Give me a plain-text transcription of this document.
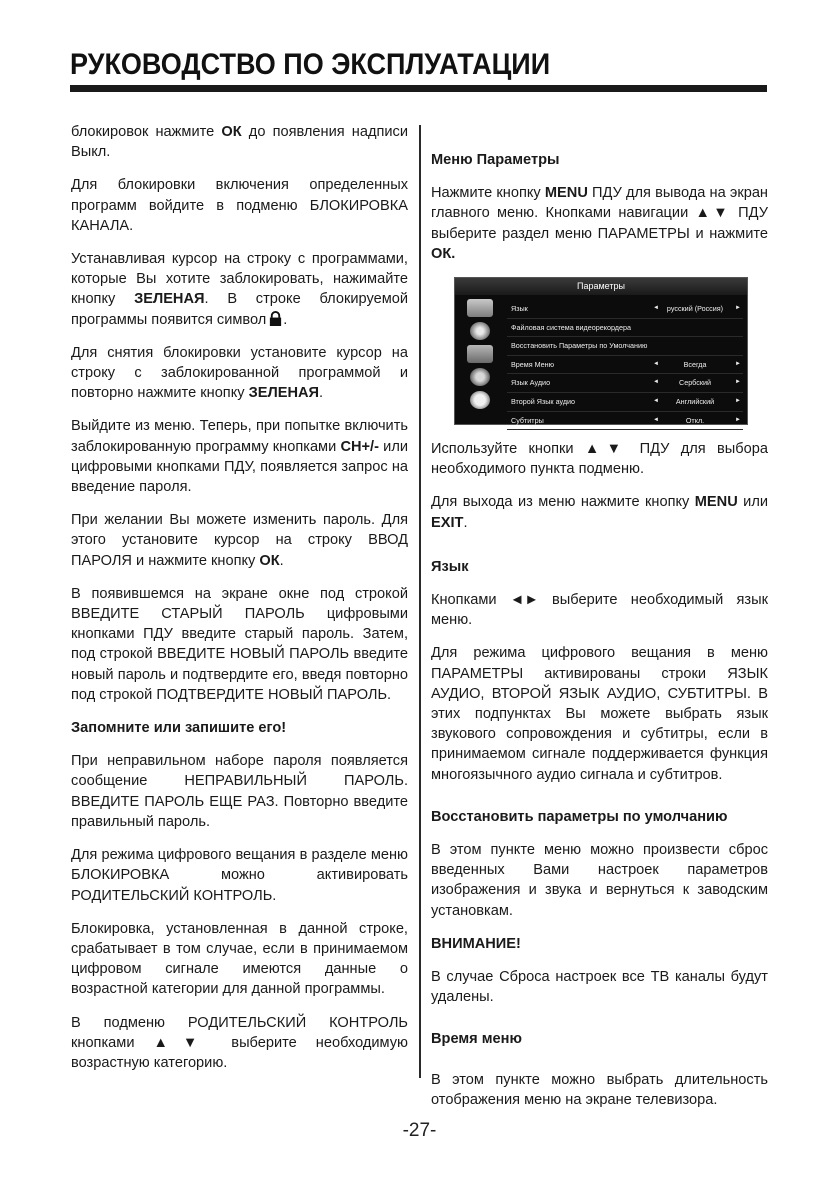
РУКОВОДСТВО ПО ЭКСПЛУАТАЦИИ

блокировок нажмите ОК до появления надписи Выкл.

Для блокировки включения определенных программ войдите в подменю БЛОКИРОВКА КАНАЛА.

Устанавливая курсор на строку с программами, которые Вы хотите заблокировать, нажимайте кнопку ЗЕЛЕНАЯ. В строке блокируемой программы появится символ .

Для снятия блокировки установите курсор на строку с заблокированной программой и повторно нажмите кнопку ЗЕЛЕНАЯ.

Выйдите из меню. Теперь, при попытке включить заблокированную программу кнопками CH+/- или цифровыми кнопками ПДУ, появляется запрос на введение пароля.

При желании Вы можете изменить пароль. Для этого установите курсор на строку ВВОД ПАРОЛЯ и нажмите кнопку ОК.

В появившемся на экране окне под строкой ВВЕДИТЕ СТАРЫЙ ПАРОЛЬ цифровыми кнопками ПДУ введите старый пароль. Затем, под строкой ВВЕДИТЕ НОВЫЙ ПАРОЛЬ введите новый пароль и подтвердите его, введя повторно под строкой ПОДТВЕРДИТЕ НОВЫЙ ПАРОЛЬ.

Запомните или запишите его!

При неправильном наборе пароля появляется сообщение НЕПРАВИЛЬНЫЙ ПАРОЛЬ. ВВЕДИТЕ ПАРОЛЬ ЕЩЕ РАЗ. Повторно введите правильный пароль.

Для режима цифрового вещания в разделе меню БЛОКИРОВКА можно активировать РОДИТЕЛЬСКИЙ КОНТРОЛЬ.

Блокировка, установленная в данной строке, срабатывает в том случае, если в принимаемом цифровом сигнале имеются данные о возрастной категории для данной программы.

В подменю РОДИТЕЛЬСКИЙ КОНТРОЛЬ кнопками ▲▼ выберите необходимую возрастную категорию.

Меню Параметры

Нажмите кнопку MENU ПДУ для вывода на экран главного меню. Кнопками навигации ▲▼ ПДУ выберите раздел меню ПАРАМЕТРЫ и нажмите ОК.

Параметры
Язык	◄	русский (Россия)	►
Файловая система видеорекордера
Восстановить Параметры по Умолчанию
Время Меню	◄	Всегда	►
Язык Аудио	◄	Сербский	►
Второй Язык аудио	◄	Английский	►
Субтитры	◄	Откл.	►

Используйте кнопки ▲▼ ПДУ для выбора необходимого пункта подменю.

Для выхода из меню нажмите кнопку MENU или EXIT.

Язык

Кнопками ◄► выберите необходимый язык меню.

Для режима цифрового вещания в меню ПАРАМЕТРЫ активированы строки ЯЗЫК АУДИО, ВТОРОЙ ЯЗЫК АУДИО, СУБТИТРЫ. В этих подпунктах Вы можете выбрать язык звукового сопровождения и субтитры, если в принимаемом сигнале поддерживается функция многоязычного аудио сигнала и субтитров.

Восстановить параметры по умолчанию

В этом пункте меню можно произвести сброс введенных Вами настроек параметров изображения и звука и вернуться к заводским установкам.

ВНИМАНИЕ!

В случае Сброса настроек все ТВ каналы будут удалены.

Время меню

В этом пункте можно выбрать длительность отображения меню на экране телевизора.

-27-
